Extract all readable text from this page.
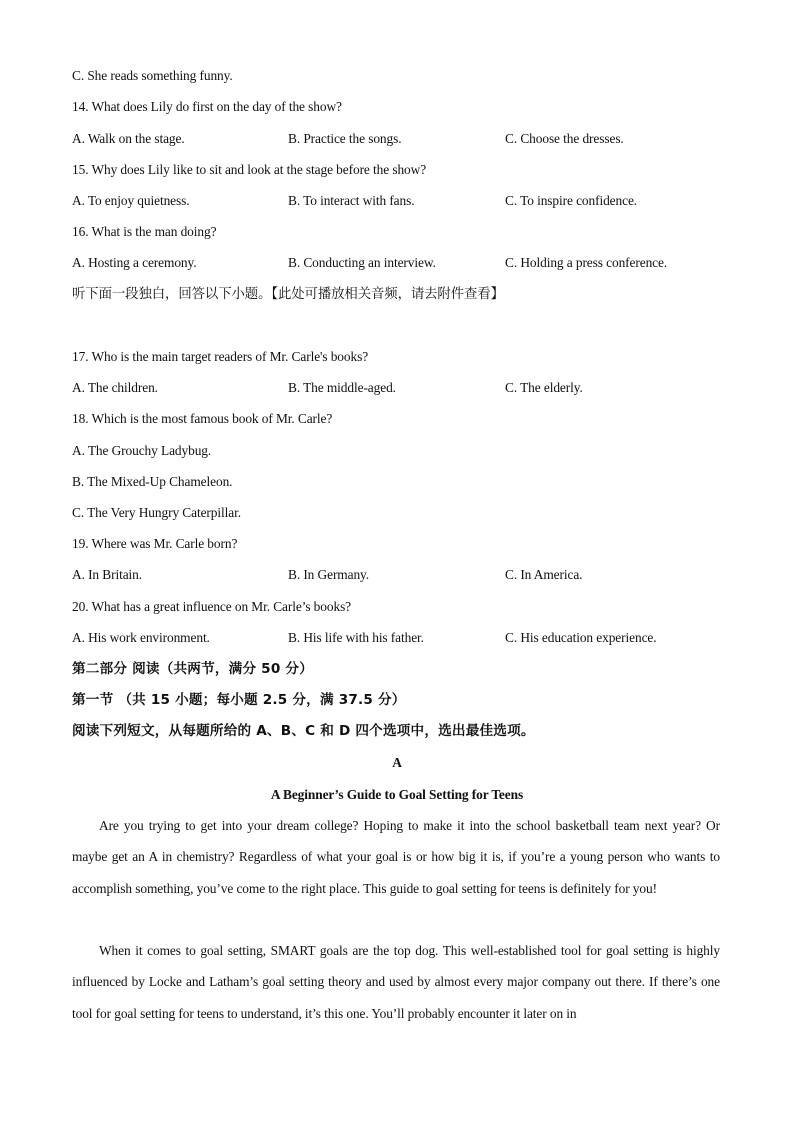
C. She reads something funny.
14. What does Lily do first on the day of the show?
A. Walk on the stage.	B. Practice the songs.	C. Choose the dresses.
15. Why does Lily like to sit and look at the stage before the show?
A. To enjoy quietness.	B. To interact with fans.	C. To inspire confidence.
16. What is the man doing?
A. Hosting a ceremony.	B. Conducting an interview.	C. Holding a press conference.
听下面一段独白，回答以下小题。【此处可播放相关音频，请去附件查看】
17. Who is the main target readers of Mr. Carle's books?
A. The children.	B. The middle-aged.	C. The elderly.
18. Which is the most famous book of Mr. Carle?
A. The Grouchy Ladybug.
B. The Mixed-Up Chameleon.
C. The Very Hungry Caterpillar.
19. Where was Mr. Carle born?
A. In Britain.	B. In Germany.	C. In America.
20. What has a great influence on Mr. Carle’s books?
A. His work environment.	B. His life with his father.	C. His education experience.
第二部分 阅读（共两节，满分 50 分）
第一节 （共 15 小题；每小题 2.5 分，满 37.5 分）
阅读下列短文，从每题所给的 A、B、C 和 D 四个选项中，选出最佳选项。
A
A Beginner’s Guide to Goal Setting for Teens
Are you trying to get into your dream college? Hoping to make it into the school basketball team next year? Or maybe get an A in chemistry? Regardless of what your goal is or how big it is, if you’re a young person who wants to accomplish something, you’ve come to the right place. This guide to goal setting for teens is definitely for you!
When it comes to goal setting, SMART goals are the top dog. This well-established tool for goal setting is highly influenced by Locke and Latham’s goal setting theory and used by almost every major company out there. If there’s one tool for goal setting for teens to understand, it’s this one. You’ll probably encounter it later on in
